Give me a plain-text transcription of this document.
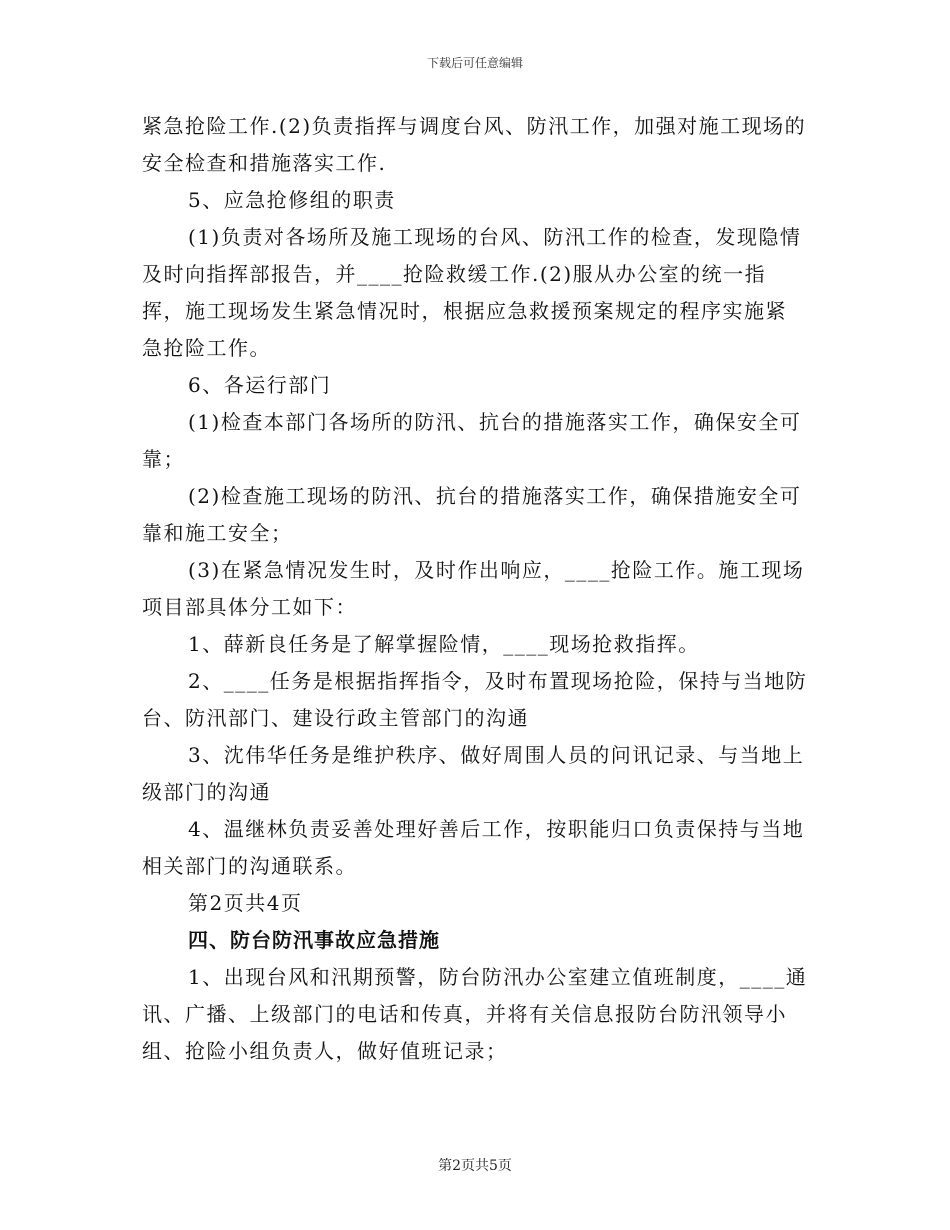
下载后可任意编辑

紧急抢险工作.(2)负责指挥与调度台风、防汛工作，加强对施工现场的安全检查和措施落实工作.

5、应急抢修组的职责

(1)负责对各场所及施工现场的台风、防汛工作的检查，发现隐情及时向指挥部报告，并____抢险救缓工作.(2)服从办公室的统一指挥，施工现场发生紧急情况时，根据应急救援预案规定的程序实施紧急抢险工作。

6、各运行部门

(1)检查本部门各场所的防汛、抗台的措施落实工作，确保安全可靠；

(2)检查施工现场的防汛、抗台的措施落实工作，确保措施安全可靠和施工安全；

(3)在紧急情况发生时，及时作出响应，____抢险工作。施工现场项目部具体分工如下：

1、薛新良任务是了解掌握险情，____现场抢救指挥。

2、____任务是根据指挥指令，及时布置现场抢险，保持与当地防台、防汛部门、建设行政主管部门的沟通

3、沈伟华任务是维护秩序、做好周围人员的问讯记录、与当地上级部门的沟通

4、温继林负责妥善处理好善后工作，按职能归口负责保持与当地相关部门的沟通联系。

第2页共4页

四、防台防汛事故应急措施

1、出现台风和汛期预警，防台防汛办公室建立值班制度，____通讯、广播、上级部门的电话和传真，并将有关信息报防台防汛领导小组、抢险小组负责人，做好值班记录；

第2页共5页
